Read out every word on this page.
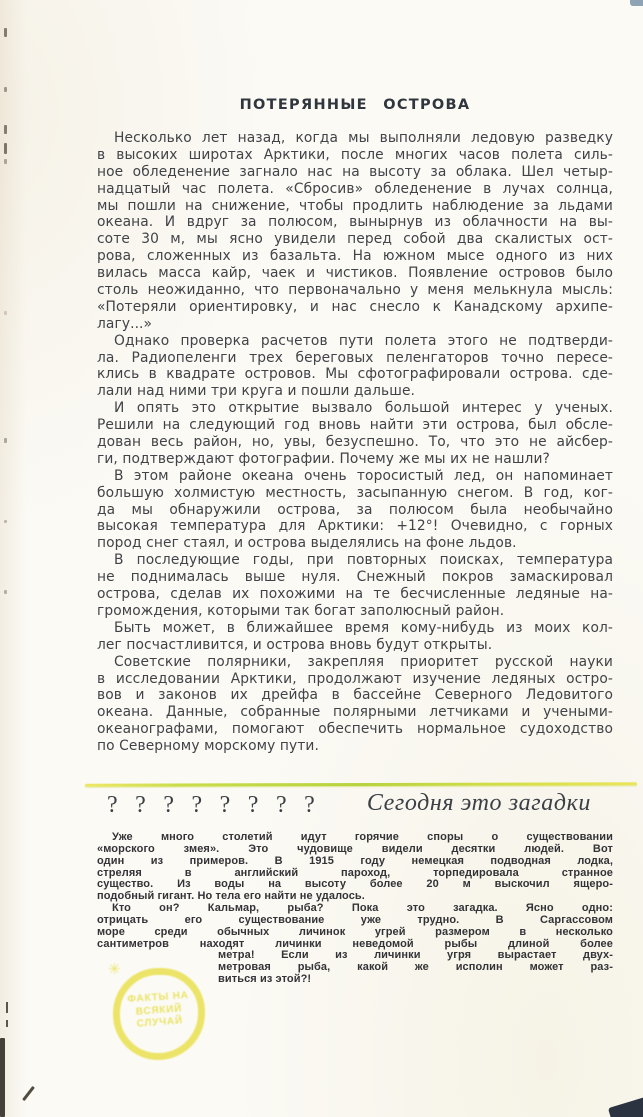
ПОТЕРЯННЫЕ ОСТРОВА
Несколько лет назад, когда мы выполняли ледовую разведку
в высоких широтах Арктики, после многих часов полета силь-
ное обледенение загнало нас на высоту за облака. Шел четыр-
надцатый час полета. «Сбросив» обледенение в лучах солнца,
мы пошли на снижение, чтобы продлить наблюдение за льдами
океана. И вдруг за полюсом, вынырнув из облачности на вы-
соте 30 м, мы ясно увидели перед собой два скалистых ост-
рова, сложенных из базальта. На южном мысе одного из них
вилась масса кайр, чаек и чистиков. Появление островов было
столь неожиданно, что первоначально у меня мелькнула мысль:
«Потеряли ориентировку, и нас снесло к Канадскому архипе-
лагу...»
Однако проверка расчетов пути полета этого не подтверди-
ла. Радиопеленги трех береговых пеленгаторов точно пересе-
клись в квадрате островов. Мы сфотографировали острова. сде-
лали над ними три круга и пошли дальше.
И опять это открытие вызвало большой интерес у ученых.
Решили на следующий год вновь найти эти острова, был обсле-
дован весь район, но, увы, безуспешно. То, что это не айсбер-
ги, подтверждают фотографии. Почему же мы их не нашли?
В этом районе океана очень торосистый лед, он напоминает
большую холмистую местность, засыпанную снегом. В год, ког-
да мы обнаружили острова, за полюсом была необычайно
высокая температура для Арктики: +12°! Очевидно, с горных
пород снег стаял, и острова выделялись на фоне льдов.
В последующие годы, при повторных поисках, температура
не поднималась выше нуля. Снежный покров замаскировал
острова, сделав их похожими на те бесчисленные ледяные на-
громождения, которыми так богат заполюсный район.
Быть может, в ближайшее время кому-нибудь из моих кол-
лег посчастливится, и острова вновь будут открыты.
Советские полярники, закрепляя приоритет русской науки
в исследовании Арктики, продолжают изучение ледяных остро-
вов и законов их дрейфа в бассейне Северного Ледовитого
океана. Данные, собранные полярными летчиками и учеными-
океанографами, помогают обеспечить нормальное судоходство
по Северному морскому пути.
? ? ? ? ? ? ? ?	Сегодня это загадки
Уже много столетий идут горячие споры о существовании
«морского змея». Это чудовище видели десятки людей. Вот
один из примеров. В 1915 году немецкая подводная лодка,
стреляя в английский пароход, торпедировала странное
существо. Из воды на высоту более 20 м выскочил ящеро-
подобный гигант. Но тела его найти не удалось.
Кто он? Кальмар, рыба? Пока это загадка. Ясно одно:
отрицать его существование уже трудно. В Саргассовом
море среди обычных личинок угрей размером в несколько
сантиметров находят личинки неведомой рыбы длиной более
метра! Если из личинки угря вырастает двух-
метровая рыба, какой же исполин может раз-
виться из этой?!
✳
ФАКТЫ НА
ВСЯКИЙ
СЛУЧАЙ
